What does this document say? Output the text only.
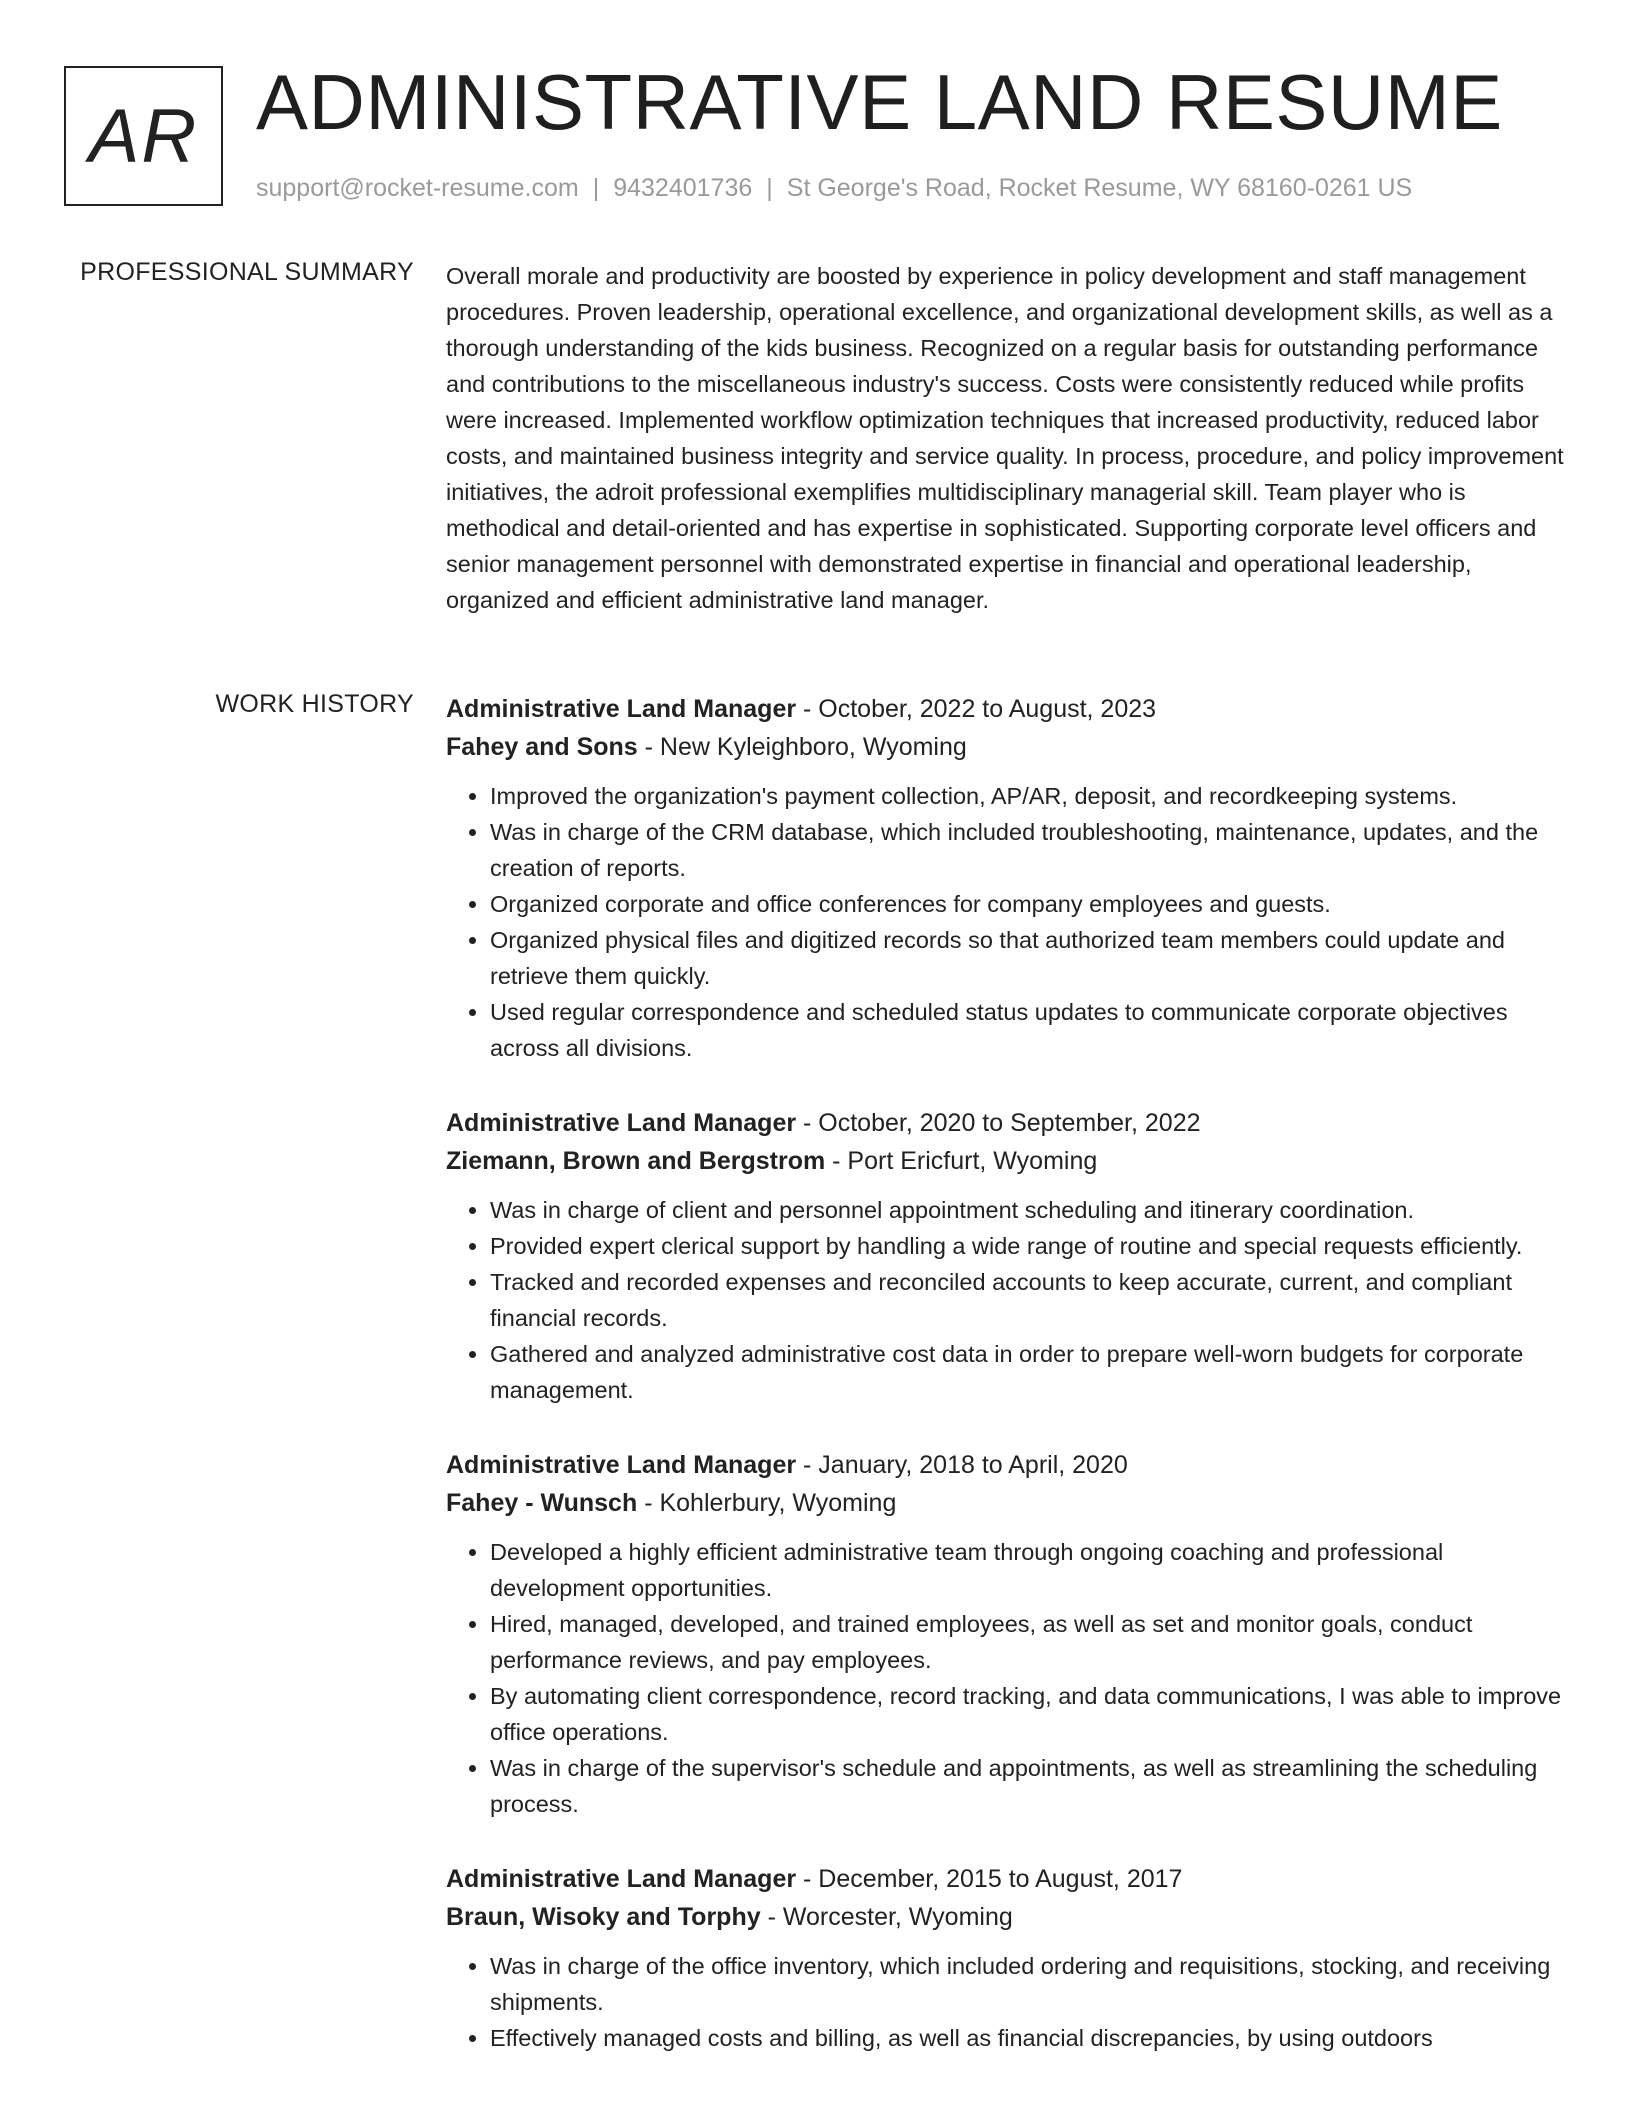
AR ADMINISTRATIVE LAND RESUME
support@rocket-resume.com | 9432401736 | St George's Road, Rocket Resume, WY 68160-0261 US
PROFESSIONAL SUMMARY Overall morale and productivity are boosted by experience in policy development and staff management procedures. Proven leadership, operational excellence, and organizational development skills, as well as a thorough understanding of the kids business. Recognized on a regular basis for outstanding performance and contributions to the miscellaneous industry's success. Costs were consistently reduced while profits were increased. Implemented workflow optimization techniques that increased productivity, reduced labor costs, and maintained business integrity and service quality. In process, procedure, and policy improvement initiatives, the adroit professional exemplifies multidisciplinary managerial skill. Team player who is methodical and detail-oriented and has expertise in sophisticated. Supporting corporate level officers and senior management personnel with demonstrated expertise in financial and operational leadership, organized and efficient administrative land manager.

WORK HISTORY Administrative Land Manager - October, 2022 to August, 2023
Fahey and Sons - New Kyleighboro, Wyoming
• Improved the organization's payment collection, AP/AR, deposit, and recordkeeping systems.
• Was in charge of the CRM database, which included troubleshooting, maintenance, updates, and the creation of reports.
• Organized corporate and office conferences for company employees and guests.
• Organized physical files and digitized records so that authorized team members could update and retrieve them quickly.
• Used regular correspondence and scheduled status updates to communicate corporate objectives across all divisions.
Administrative Land Manager - October, 2020 to September, 2022
Ziemann, Brown and Bergstrom - Port Ericfurt, Wyoming
• Was in charge of client and personnel appointment scheduling and itinerary coordination.
• Provided expert clerical support by handling a wide range of routine and special requests efficiently.
• Tracked and recorded expenses and reconciled accounts to keep accurate, current, and compliant financial records.
• Gathered and analyzed administrative cost data in order to prepare well-worn budgets for corporate management.
Administrative Land Manager - January, 2018 to April, 2020
Fahey - Wunsch - Kohlerbury, Wyoming
• Developed a highly efficient administrative team through ongoing coaching and professional development opportunities.
• Hired, managed, developed, and trained employees, as well as set and monitor goals, conduct performance reviews, and pay employees.
• By automating client correspondence, record tracking, and data communications, I was able to improve office operations.
• Was in charge of the supervisor's schedule and appointments, as well as streamlining the scheduling process.
Administrative Land Manager - December, 2015 to August, 2017
Braun, Wisoky and Torphy - Worcester, Wyoming
• Was in charge of the office inventory, which included ordering and requisitions, stocking, and receiving shipments.
• Effectively managed costs and billing, as well as financial discrepancies, by using outdoors
